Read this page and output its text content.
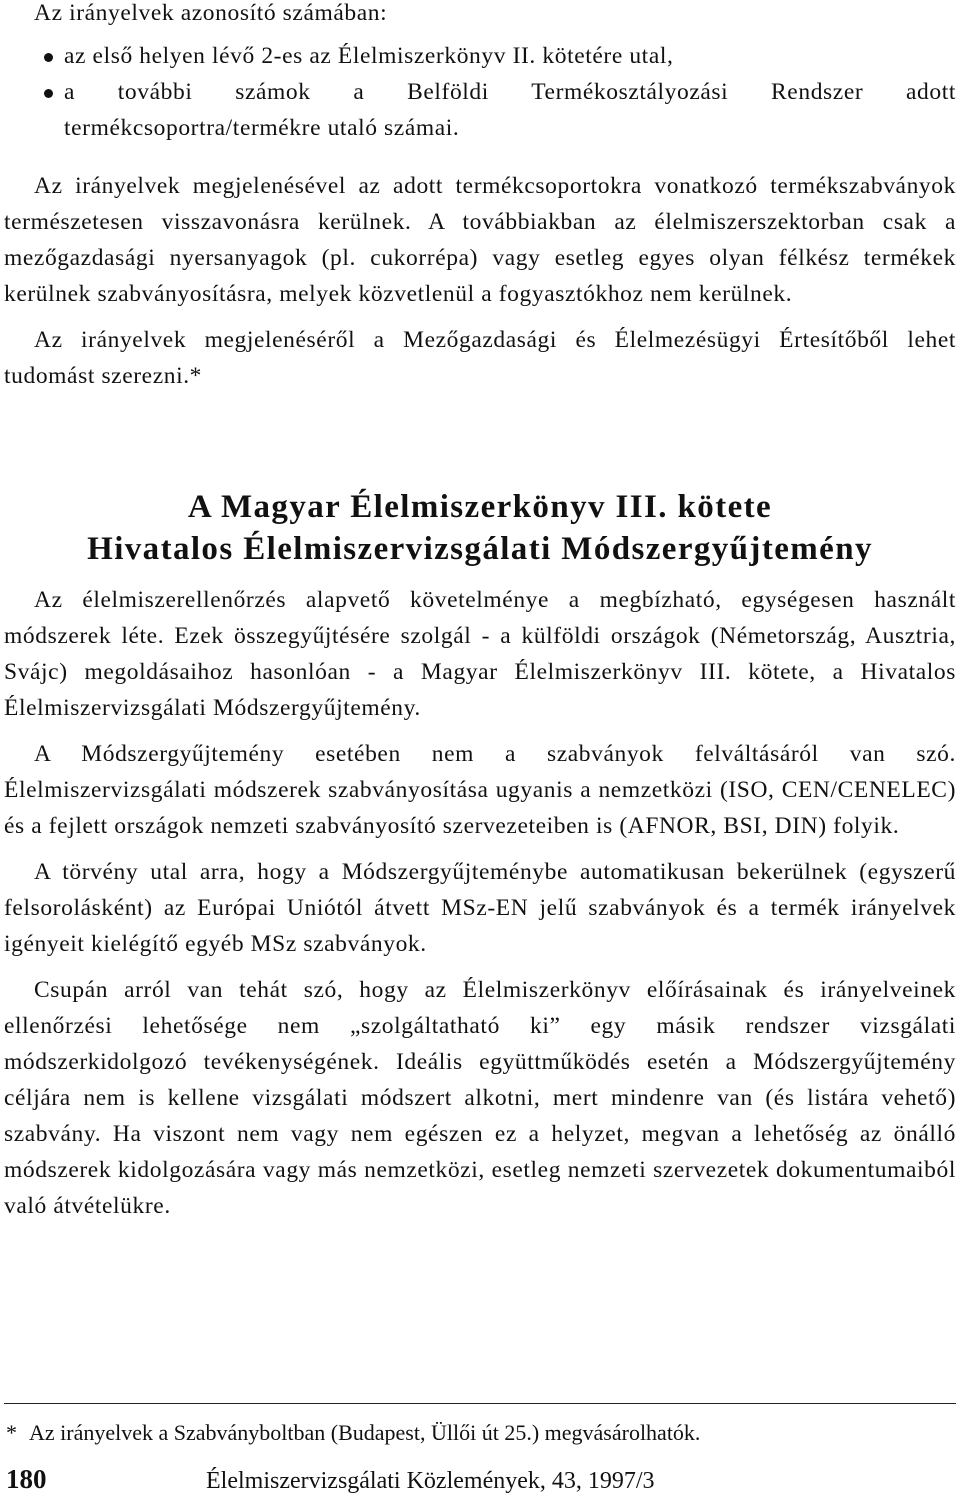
Az irányelvek azonosító számában:
az első helyen lévő 2-es az Élelmiszerkönyv II. kötetére utal,
a további számok a Belföldi Termékosztályozási Rendszer adott termékcsoportra/termékre utaló számai.

Az irányelvek megjelenésével az adott termékcsoportokra vonatkozó termékszabványok természetesen visszavonásra kerülnek. A továbbiakban az élelmiszerszektorban csak a mezőgazdasági nyersanyagok (pl. cukorrépa) vagy esetleg egyes olyan félkész termékek kerülnek szabványosításra, melyek közvetlenül a fogyasztókhoz nem kerülnek.

Az irányelvek megjelenéséről a Mezőgazdasági és Élelmezésügyi Értesítőből lehet tudomást szerezni.*

A Magyar Élelmiszerkönyv III. kötete
Hivatalos Élelmiszervizsgálati Módszergyűjtemény

Az élelmiszerellenőrzés alapvető követelménye a megbízható, egységesen használt módszerek léte. Ezek összegyűjtésére szolgál - a külföldi országok (Németország, Ausztria, Svájc) megoldásaihoz hasonlóan - a Magyar Élelmiszerkönyv III. kötete, a Hivatalos Élelmiszervizsgálati Módszergyűjtemény.

A Módszergyűjtemény esetében nem a szabványok felváltásáról van szó. Élelmiszervizsgálati módszerek szabványosítása ugyanis a nemzetközi (ISO, CEN/CENELEC) és a fejlett országok nemzeti szabványosító szervezeteiben is (AFNOR, BSI, DIN) folyik.

A törvény utal arra, hogy a Módszergyűjteménybe automatikusan bekerülnek (egyszerű felsorolásként) az Európai Uniótól átvett MSz-EN jelű szabványok és a termék irányelvek igényeit kielégítő egyéb MSz szabványok.

Csupán arról van tehát szó, hogy az Élelmiszerkönyv előírásainak és irányelveinek ellenőrzési lehetősége nem „szolgáltatható ki” egy másik rendszer vizsgálati módszerkidolgozó tevékenységének. Ideális együttműködés esetén a Módszergyűjtemény céljára nem is kellene vizsgálati módszert alkotni, mert mindenre van (és listára vehető) szabvány. Ha viszont nem vagy nem egészen ez a helyzet, megvan a lehetőség az önálló módszerek kidolgozására vagy más nemzetközi, esetleg nemzeti szervezetek dokumentumaiból való átvételükre.

* Az irányelvek a Szabványboltban (Budapest, Üllői út 25.) megvásárolhatók.
180	Élelmiszervizsgálati Közlemények, 43, 1997/3
